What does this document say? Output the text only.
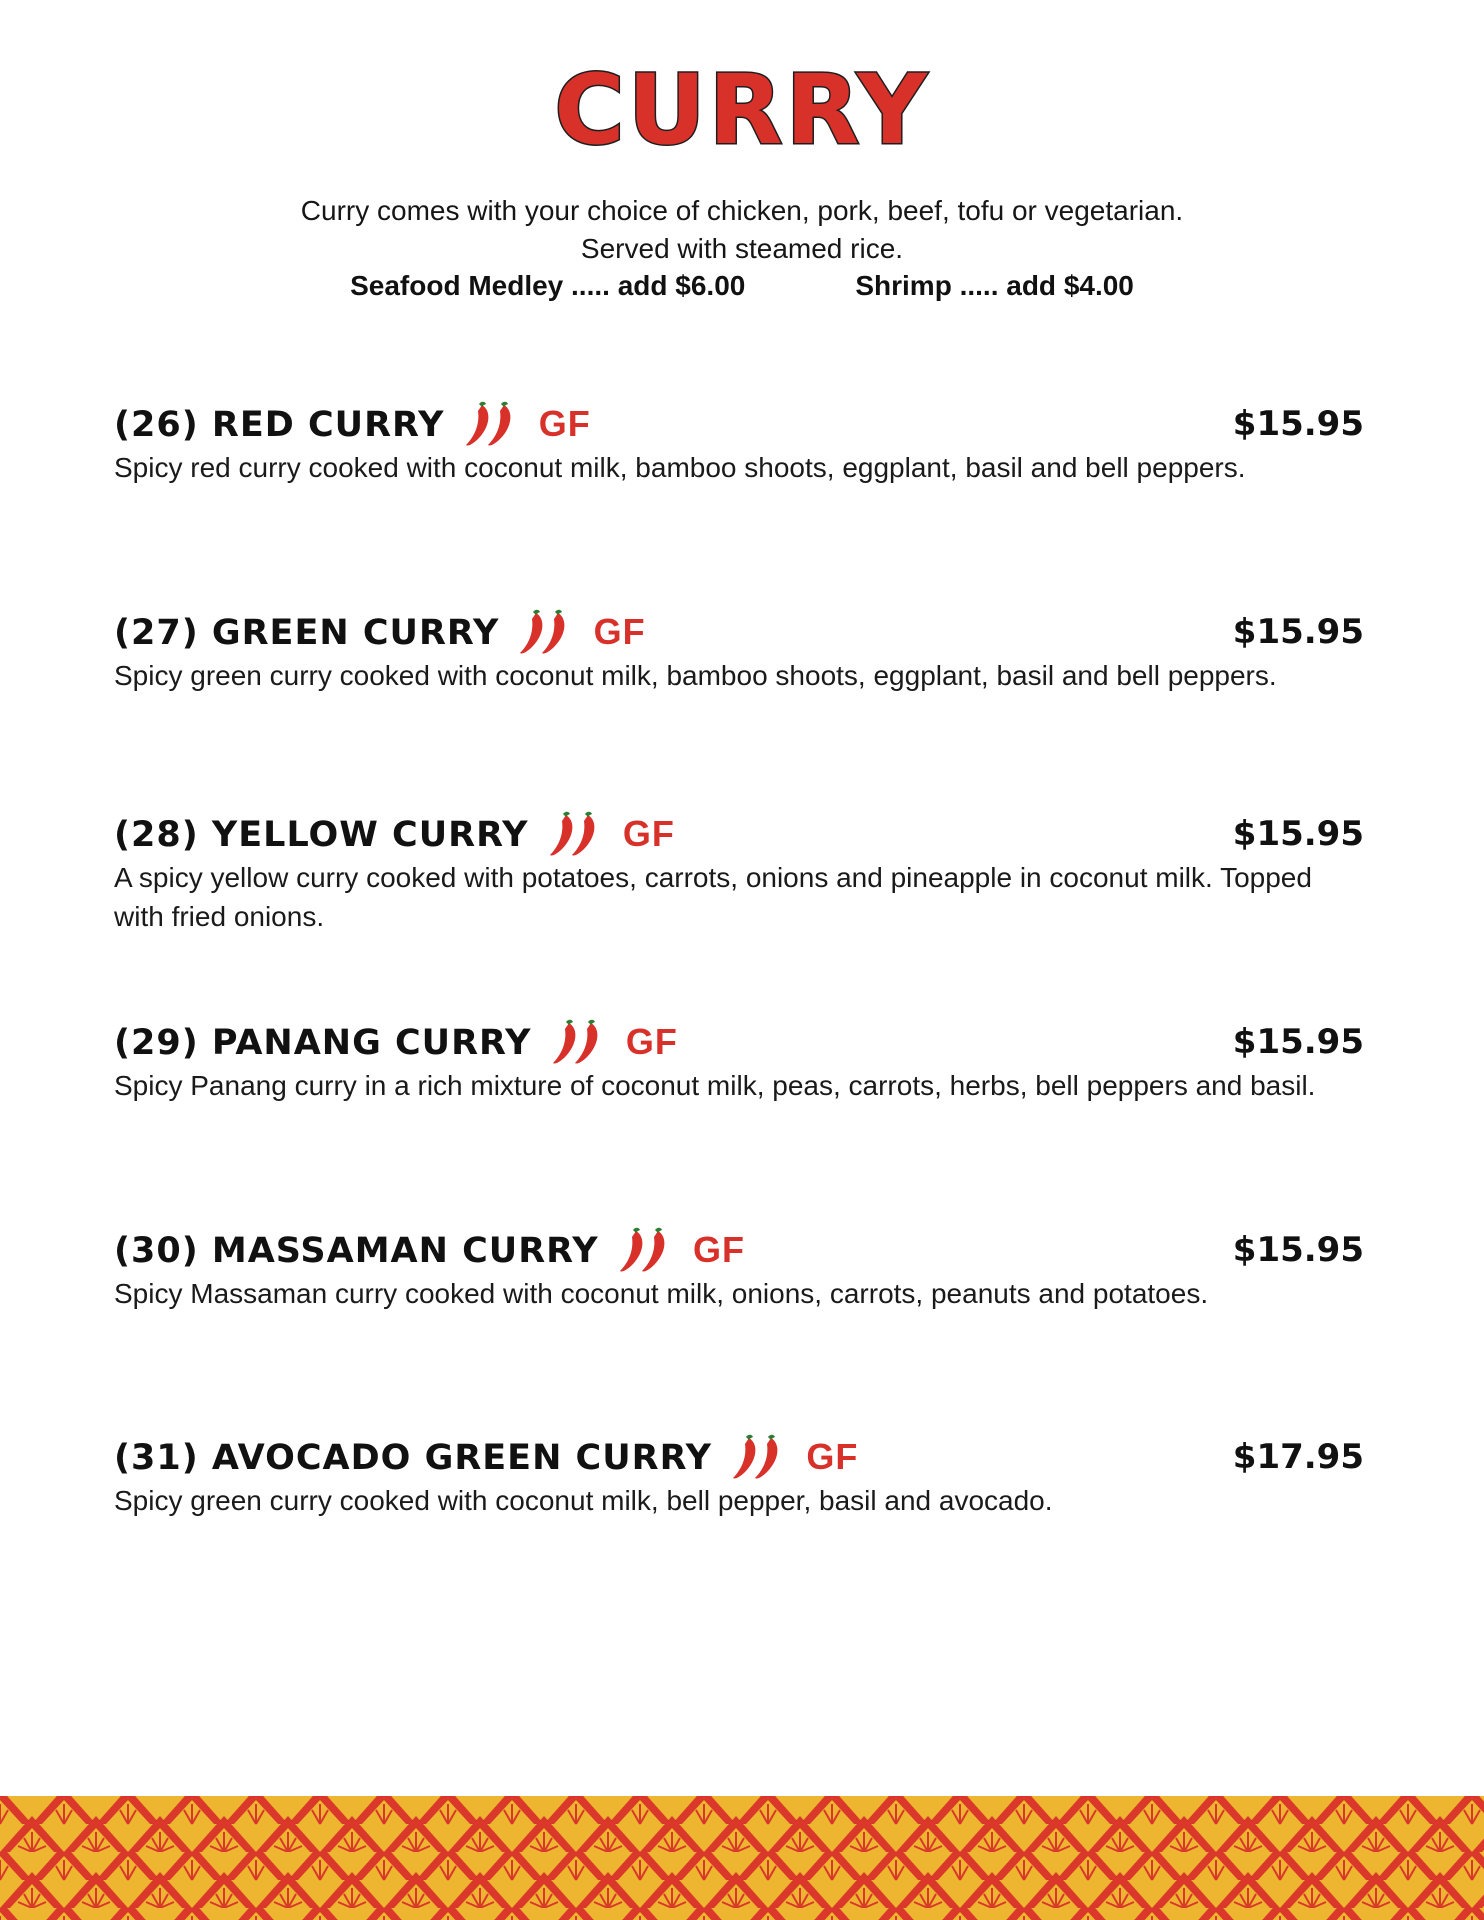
CURRY

Curry comes with your choice of chicken, pork, beef, tofu or vegetarian.

Served with steamed rice.

Seafood Medley ..... add $6.00	Shrimp ..... add $4.00
(26) RED CURRY	GF	$15.95

Spicy red curry cooked with coconut milk, bamboo shoots, eggplant, basil and bell peppers.

(27) GREEN CURRY	GF	$15.95

Spicy green curry cooked with coconut milk, bamboo shoots, eggplant, basil and bell peppers.

(28) YELLOW CURRY	GF	$15.95

A spicy yellow curry cooked with potatoes, carrots, onions and pineapple in coconut milk. Topped with fried onions.

(29) PANANG CURRY	GF	$15.95

Spicy Panang curry in a rich mixture of coconut milk, peas, carrots, herbs, bell peppers and basil.

(30) MASSAMAN CURRY	GF	$15.95

Spicy Massaman curry cooked with coconut milk, onions, carrots, peanuts and potatoes.

(31) AVOCADO GREEN CURRY	GF	$17.95

Spicy green curry cooked with coconut milk, bell pepper, basil and avocado.
